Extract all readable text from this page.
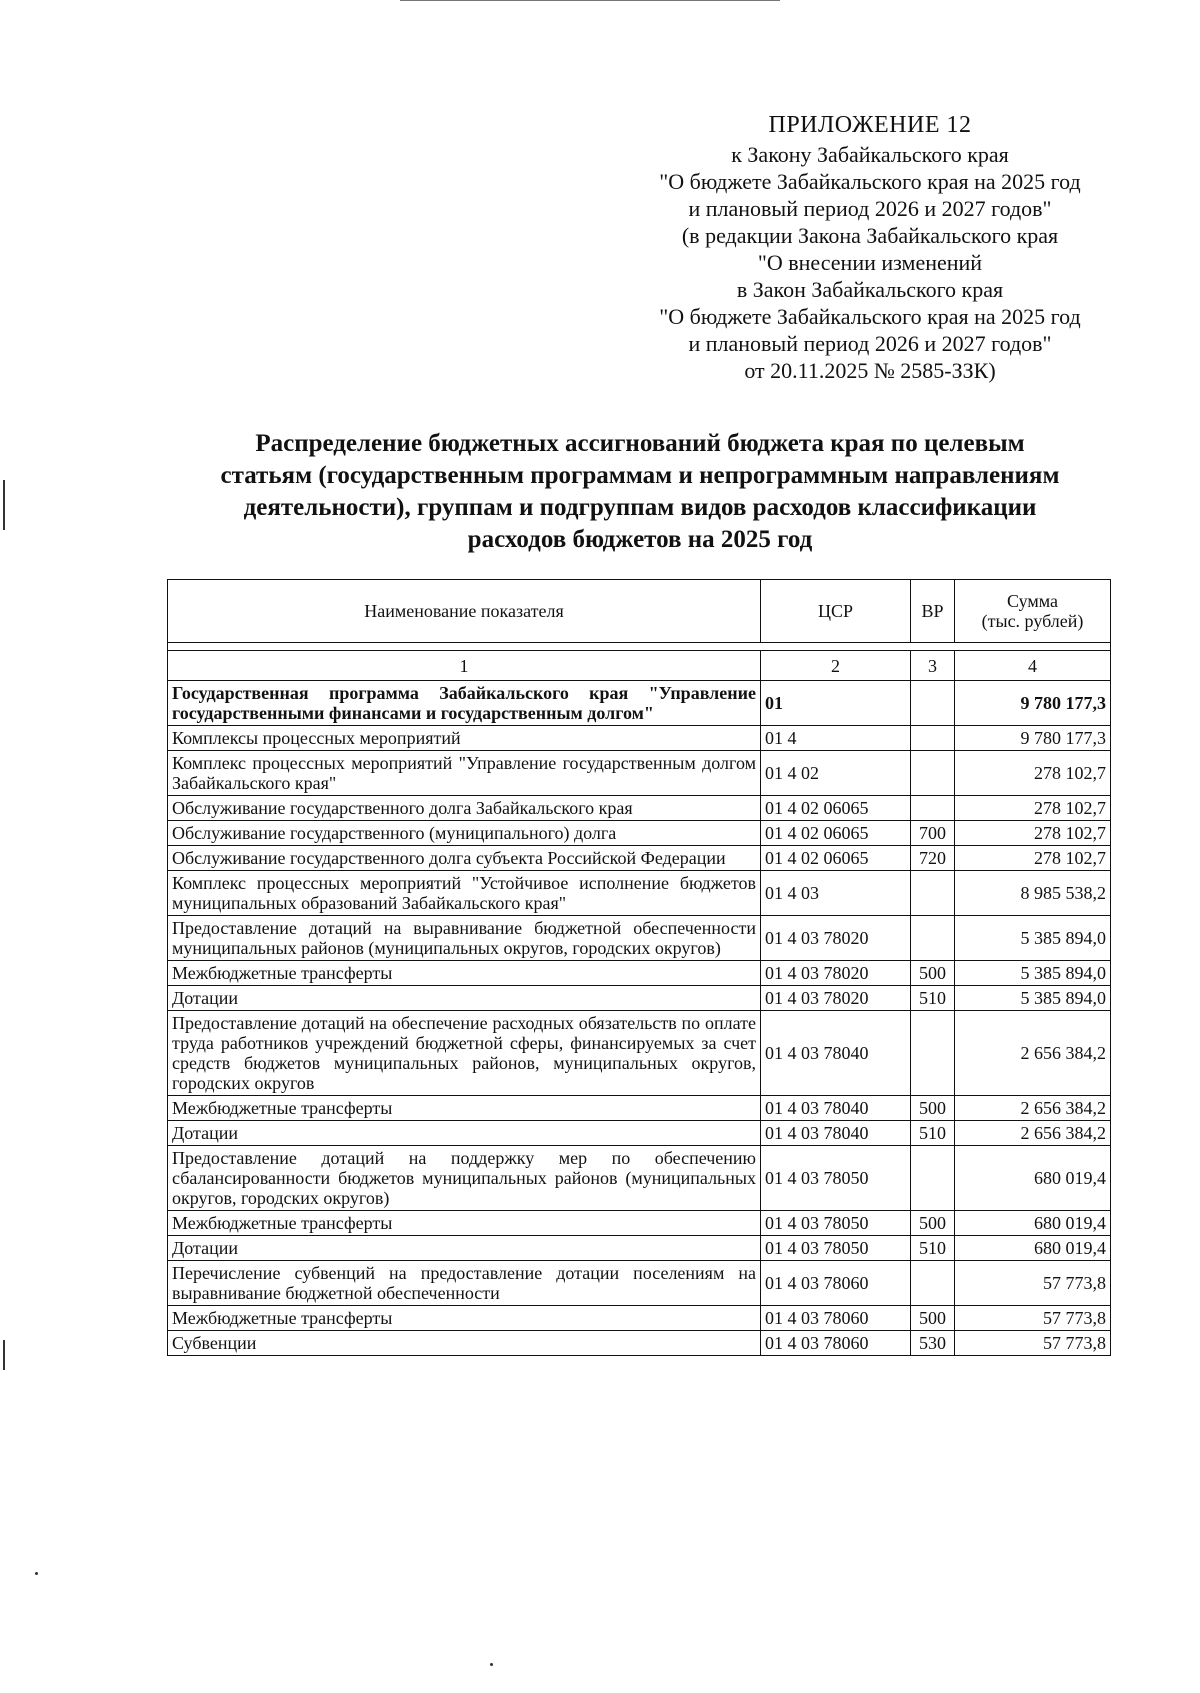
ПРИЛОЖЕНИЕ 12
к Закону Забайкальского края
"О бюджете Забайкальского края на 2025 год
и плановый период 2026 и 2027 годов"
(в редакции Закона Забайкальского края
"О внесении изменений
в Закон Забайкальского края
"О бюджете Забайкальского края на 2025 год
и плановый период 2026 и 2027 годов"
от 20.11.2025 № 2585-ЗЗК)
Распределение бюджетных ассигнований бюджета края по целевым
статьям (государственным программам и непрограммным направлениям
деятельности), группам и подгруппам видов расходов классификации
расходов бюджетов на 2025 год
Наименование показателя	ЦСР	ВР	Сумма
(тыс. рублей)

1	2	3	4
Государственная программа Забайкальского края "Управление государственными финансами и государственным долгом"	01		9 780 177,3
Комплексы процессных мероприятий	01 4		9 780 177,3
Комплекс процессных мероприятий "Управление государственным долгом Забайкальского края"	01 4 02		278 102,7
Обслуживание государственного долга Забайкальского края	01 4 02 06065		278 102,7
Обслуживание государственного (муниципального) долга	01 4 02 06065	700	278 102,7
Обслуживание государственного долга субъекта Российской Федерации	01 4 02 06065	720	278 102,7
Комплекс процессных мероприятий "Устойчивое исполнение бюджетов муниципальных образований Забайкальского края"	01 4 03		8 985 538,2
Предоставление дотаций на выравнивание бюджетной обеспеченности муниципальных районов (муниципальных округов, городских округов)	01 4 03 78020		5 385 894,0
Межбюджетные трансферты	01 4 03 78020	500	5 385 894,0
Дотации	01 4 03 78020	510	5 385 894,0
Предоставление дотаций на обеспечение расходных обязательств по оплате труда работников учреждений бюджетной сферы, финансируемых за счет средств бюджетов муниципальных районов, муниципальных округов, городских округов	01 4 03 78040		2 656 384,2
Межбюджетные трансферты	01 4 03 78040	500	2 656 384,2
Дотации	01 4 03 78040	510	2 656 384,2
Предоставление дотаций на поддержку мер по обеспечению сбалансированности бюджетов муниципальных районов (муниципальных округов, городских округов)	01 4 03 78050		680 019,4
Межбюджетные трансферты	01 4 03 78050	500	680 019,4
Дотации	01 4 03 78050	510	680 019,4
Перечисление субвенций на предоставление дотации поселениям на выравнивание бюджетной обеспеченности	01 4 03 78060		57 773,8
Межбюджетные трансферты	01 4 03 78060	500	57 773,8
Субвенции	01 4 03 78060	530	57 773,8
